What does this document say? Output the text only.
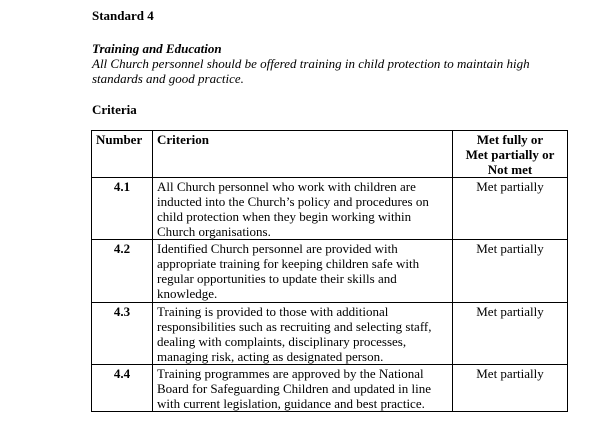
Standard 4
Training and Education
All Church personnel should be offered training in child protection to maintain high standards and good practice.
Criteria
Number	Criterion	Met fully or
Met partially or
Not met

4.1	All Church personnel who work with children are inducted into the Church’s policy and procedures on child protection when they begin working within Church organisations.	Met partially
4.2	Identified Church personnel are provided with appropriate training for keeping children safe with regular opportunities to update their skills and knowledge.	Met partially
4.3	Training is provided to those with additional responsibilities such as recruiting and selecting staff, dealing with complaints, disciplinary processes, managing risk, acting as designated person.	Met partially
4.4	Training programmes are approved by the National Board for Safeguarding Children and updated in line with current legislation, guidance and best practice.	Met partially
